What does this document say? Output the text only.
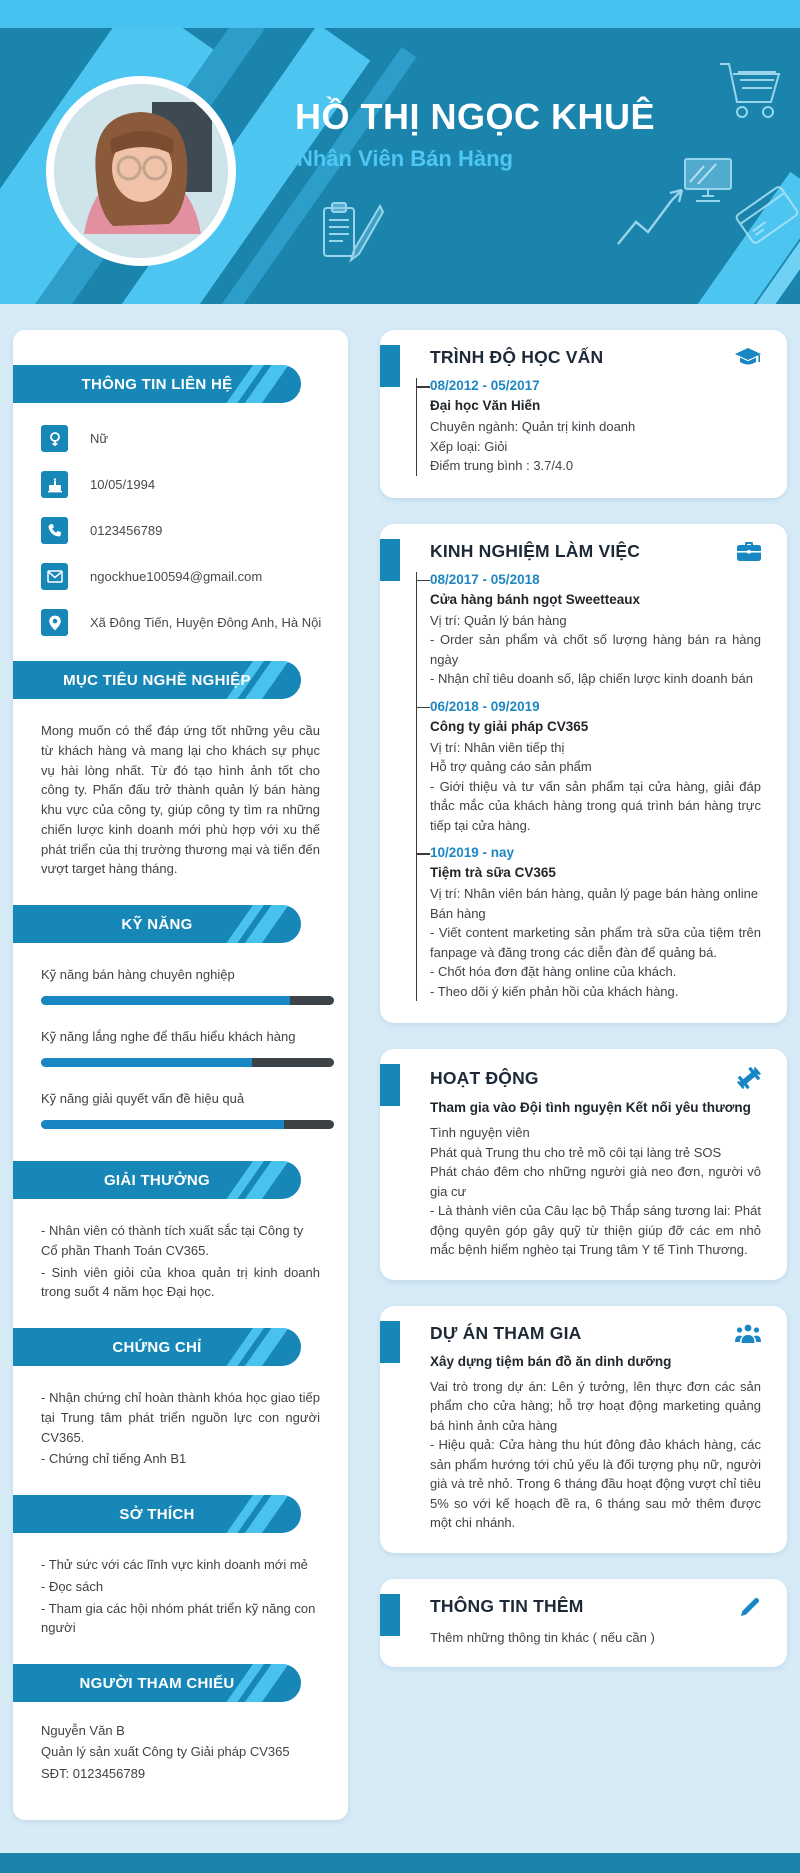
HỒ THỊ NGỌC KHUÊ
Nhân Viên Bán Hàng
THÔNG TIN LIÊN HỆ

Nữ

10/05/1994

0123456789

ngockhue100594@gmail.com

Xã Đông Tiến, Huyện Đông Anh, Hà Nội

MỤC TIÊU NGHỀ NGHIỆP

Mong muốn có thể đáp ứng tốt những yêu cầu từ khách hàng và mang lại cho khách sự phục vụ hài lòng nhất. Từ đó tạo hình ảnh tốt cho công ty. Phấn đấu trở thành quản lý bán hàng khu vực của công ty, giúp công ty tìm ra những chiến lược kinh doanh mới phù hợp với xu thế phát triển của thị trường thương mại và tiến đến vượt target hàng tháng.

KỸ NĂNG

Kỹ năng bán hàng chuyên nghiệp

Kỹ năng lắng nghe để thấu hiểu khách hàng

Kỹ năng giải quyết vấn đề hiệu quả

GIẢI THƯỞNG

- Nhân viên có thành tích xuất sắc tại Công ty Cổ phần Thanh Toán CV365.

- Sinh viên giỏi của khoa quản trị kinh doanh trong suốt 4 năm học Đại học.

CHỨNG CHỈ

- Nhận chứng chỉ hoàn thành khóa học giao tiếp tại Trung tâm phát triển nguồn lực con người CV365.

- Chứng chỉ tiếng Anh B1

SỞ THÍCH

- Thử sức với các lĩnh vực kinh doanh mới mẻ

- Đọc sách

- Tham gia các hội nhóm phát triển kỹ năng con người

NGƯỜI THAM CHIẾU

Nguyễn Văn B

Quản lý sản xuất Công ty Giải pháp CV365

SĐT: 0123456789

TRÌNH ĐỘ HỌC VẤN

08/2012 - 05/2017

Đại học Văn Hiến

Chuyên ngành: Quản trị kinh doanh

Xếp loại: Giỏi

Điểm trung bình : 3.7/4.0

KINH NGHIỆM LÀM VIỆC

08/2017 - 05/2018

Cửa hàng bánh ngọt Sweetteaux

Vị trí: Quản lý bán hàng

- Order sản phẩm và chốt số lượng hàng bán ra hàng ngày

- Nhận chỉ tiêu doanh số, lập chiến lược kinh doanh bán

06/2018 - 09/2019

Công ty giải pháp CV365

Vị trí: Nhân viên tiếp thị

Hỗ trợ quảng cáo sản phẩm

- Giới thiệu và tư vấn sản phẩm tại cửa hàng, giải đáp thắc mắc của khách hàng trong quá trình bán hàng trực tiếp tại cửa hàng.

10/2019 - nay

Tiệm trà sữa CV365

Vị trí: Nhân viên bán hàng, quản lý page bán hàng online

Bán hàng

- Viết content marketing sản phẩm trà sữa của tiệm trên fanpage và đăng trong các diễn đàn để quảng bá.

- Chốt hóa đơn đặt hàng online của khách.

- Theo dõi ý kiến phản hồi của khách hàng.

HOẠT ĐỘNG

Tham gia vào Đội tình nguyện Kết nối yêu thương

Tình nguyện viên

Phát quà Trung thu cho trẻ mồ côi tại làng trẻ SOS

Phát cháo đêm cho những người già neo đơn, người vô gia cư

- Là thành viên của Câu lạc bộ Thắp sáng tương lai: Phát động quyên góp gây quỹ từ thiện giúp đỡ các em nhỏ mắc bệnh hiểm nghèo tại Trung tâm Y tế Tình Thương.

DỰ ÁN THAM GIA

Xây dựng tiệm bán đồ ăn dinh dưỡng

Vai trò trong dự án: Lên ý tưởng, lên thực đơn các sản phẩm cho cửa hàng; hỗ trợ hoạt động marketing quảng bá hình ảnh cửa hàng

- Hiệu quả: Cửa hàng thu hút đông đảo khách hàng, các sản phẩm hướng tới chủ yếu là đối tượng phụ nữ, người già và trẻ nhỏ. Trong 6 tháng đầu hoạt động vượt chỉ tiêu 5% so với kế hoạch đề ra, 6 tháng sau mở thêm được một chi nhánh.

THÔNG TIN THÊM

Thêm những thông tin khác ( nếu cần )
